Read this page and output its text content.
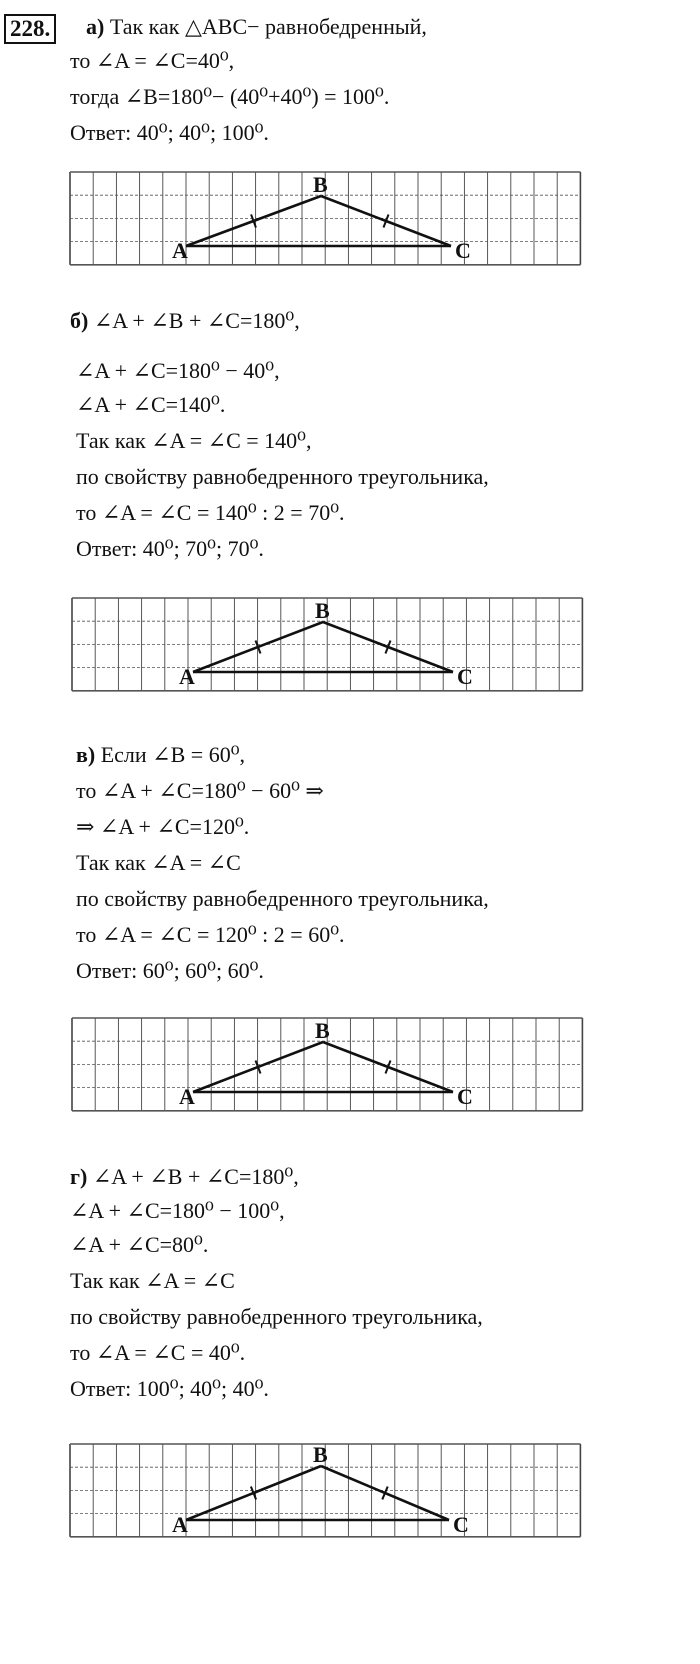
228. а) Так как △ABC− равнобедренный,
то ∠A = ∠C=40⁰,
тогда ∠B=180⁰− (40⁰+40⁰) = 100⁰.
Ответ: 40⁰; 40⁰; 100⁰.
A
B
C
б) ∠A + ∠B + ∠C=180⁰,
∠A + ∠C=180⁰ − 40⁰,
∠A + ∠C=140⁰.
Так как ∠A = ∠C = 140⁰,
по свойству равнобедренного треугольника,
то ∠A = ∠C = 140⁰ : 2 = 70⁰.
Ответ: 40⁰; 70⁰; 70⁰.
A
B
C
в) Если ∠B = 60⁰,
то ∠A + ∠C=180⁰ − 60⁰ ⇒
⇒ ∠A + ∠C=120⁰.
Так как ∠A = ∠C
по свойству равнобедренного треугольника,
то ∠A = ∠C = 120⁰ : 2 = 60⁰.
Ответ: 60⁰; 60⁰; 60⁰.
A
B
C
г) ∠A + ∠B + ∠C=180⁰,
∠A + ∠C=180⁰ − 100⁰,
∠A + ∠C=80⁰.
Так как ∠A = ∠C
по свойству равнобедренного треугольника,
то ∠A = ∠C = 40⁰.
Ответ: 100⁰; 40⁰; 40⁰.
A
B
C
